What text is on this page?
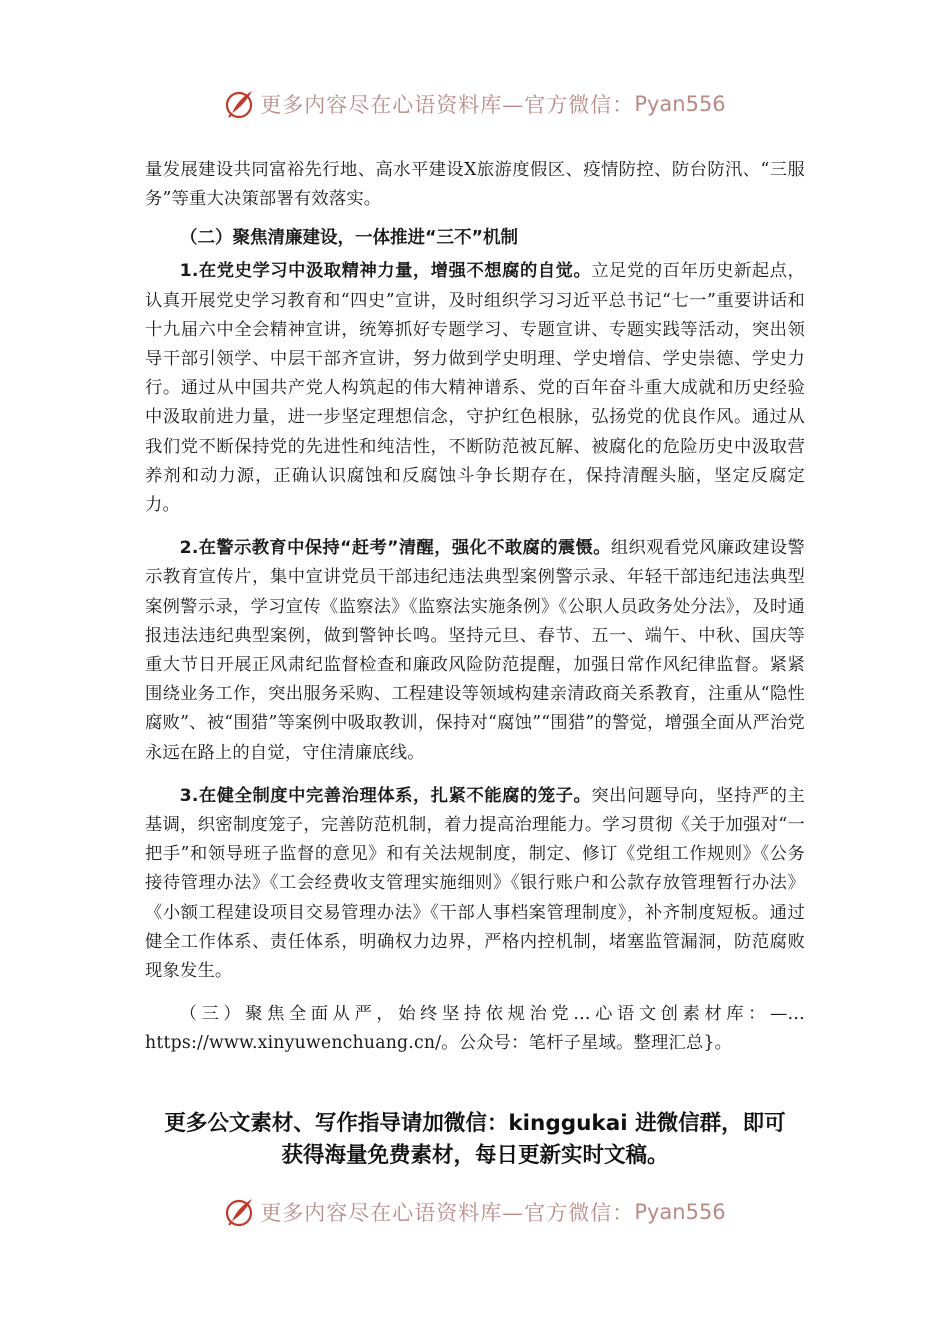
更多内容尽在心语资料库—官方微信： Pyan556

量发展建设共同富裕先行地、高水平建设X旅游度假区、疫情防控、防台防汛、“三服务”等重大决策部署有效落实。

（二）聚焦清廉建设，一体推进“三不”机制

1.在党史学习中汲取精神力量，增强不想腐的自觉。立足党的百年历史新起点，认真开展党史学习教育和“四史”宣讲，及时组织学习习近平总书记“七一”重要讲话和十九届六中全会精神宣讲，统筹抓好专题学习、专题宣讲、专题实践等活动，突出领导干部引领学、中层干部齐宣讲，努力做到学史明理、学史增信、学史崇德、学史力行。通过从中国共产党人构筑起的伟大精神谱系、党的百年奋斗重大成就和历史经验中汲取前进力量，进一步坚定理想信念，守护红色根脉，弘扬党的优良作风。通过从我们党不断保持党的先进性和纯洁性，不断防范被瓦解、被腐化的危险历史中汲取营养剂和动力源，正确认识腐蚀和反腐蚀斗争长期存在，保持清醒头脑，坚定反腐定力。

2.在警示教育中保持“赶考”清醒，强化不敢腐的震慑。组织观看党风廉政建设警示教育宣传片，集中宣讲党员干部违纪违法典型案例警示录、年轻干部违纪违法典型案例警示录，学习宣传《监察法》《监察法实施条例》《公职人员政务处分法》，及时通报违法违纪典型案例，做到警钟长鸣。坚持元旦、春节、五一、端午、中秋、国庆等重大节日开展正风肃纪监督检查和廉政风险防范提醒，加强日常作风纪律监督。紧紧围绕业务工作，突出服务采购、工程建设等领域构建亲清政商关系教育，注重从“隐性腐败”、被“围猎”等案例中吸取教训，保持对“腐蚀”“围猎”的警觉，增强全面从严治党永远在路上的自觉，守住清廉底线。

3.在健全制度中完善治理体系，扎紧不能腐的笼子。突出问题导向，坚持严的主基调，织密制度笼子，完善防范机制，着力提高治理能力。学习贯彻《关于加强对“一把手”和领导班子监督的意见》和有关法规制度，制定、修订《党组工作规则》《公务接待管理办法》《工会经费收支管理实施细则》《银行账户和公款存放管理暂行办法》《小额工程建设项目交易管理办法》《干部人事档案管理制度》，补齐制度短板。通过健全工作体系、责任体系，明确权力边界，严格内控机制，堵塞监管漏洞，防范腐败现象发生。

（三）聚焦全面从严，始终坚持依规治党…心语文创素材库：—…https://www.xinyuwenchuang.cn/。公众号：笔杆子星域。整理汇总}。

更多公文素材、写作指导请加微信：kinggukai 进微信群，即可
获得海量免费素材，每日更新实时文稿。
更多内容尽在心语资料库—官方微信： Pyan556
